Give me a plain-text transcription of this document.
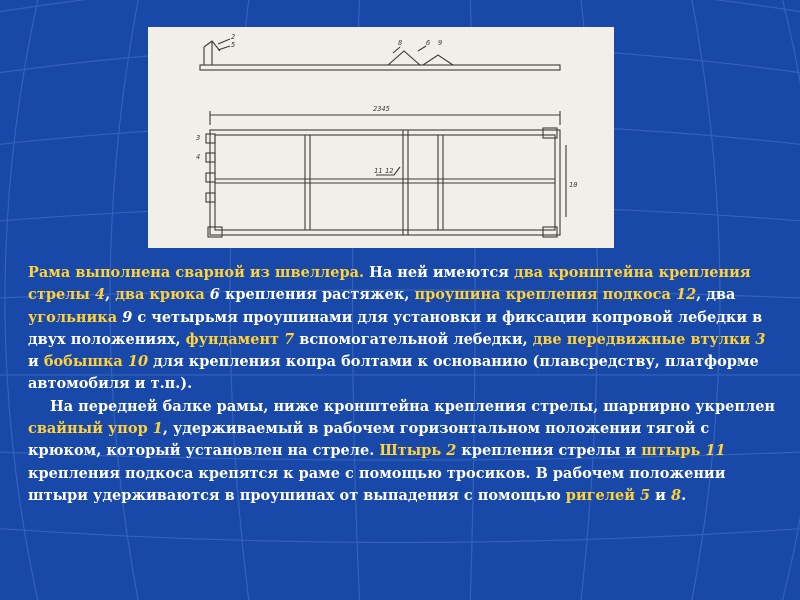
2345
2
3
4
5	6
8	9
10
11 12

Рама выполнена сварной из швеллера. На ней имеются два кронштейна крепления стрелы 4, два крюка 6 крепления растяжек, проушина крепления подкоса 12, два угольника 9 с четырьмя проушинами для установки и фиксации копровой лебедки в двух положениях, фундамент 7 вспомогательной лебедки, две передвижные втулки 3 и бобышка 10 для крепления копра болтами к основанию (плавсредству, платформе автомобиля и т.п.).

На передней балке рамы, ниже кронштейна крепления стрелы, шарнирно укреплен свайный упор 1, удерживаемый в рабочем горизонтальном положении тягой с крюком, который установлен на стреле. Штырь 2 крепления стрелы и штырь 11 крепления подкоса крепятся к раме с помощью тросиков. В рабочем положении штыри удерживаются в проушинах от выпадения с помощью ригелей 5 и 8.
